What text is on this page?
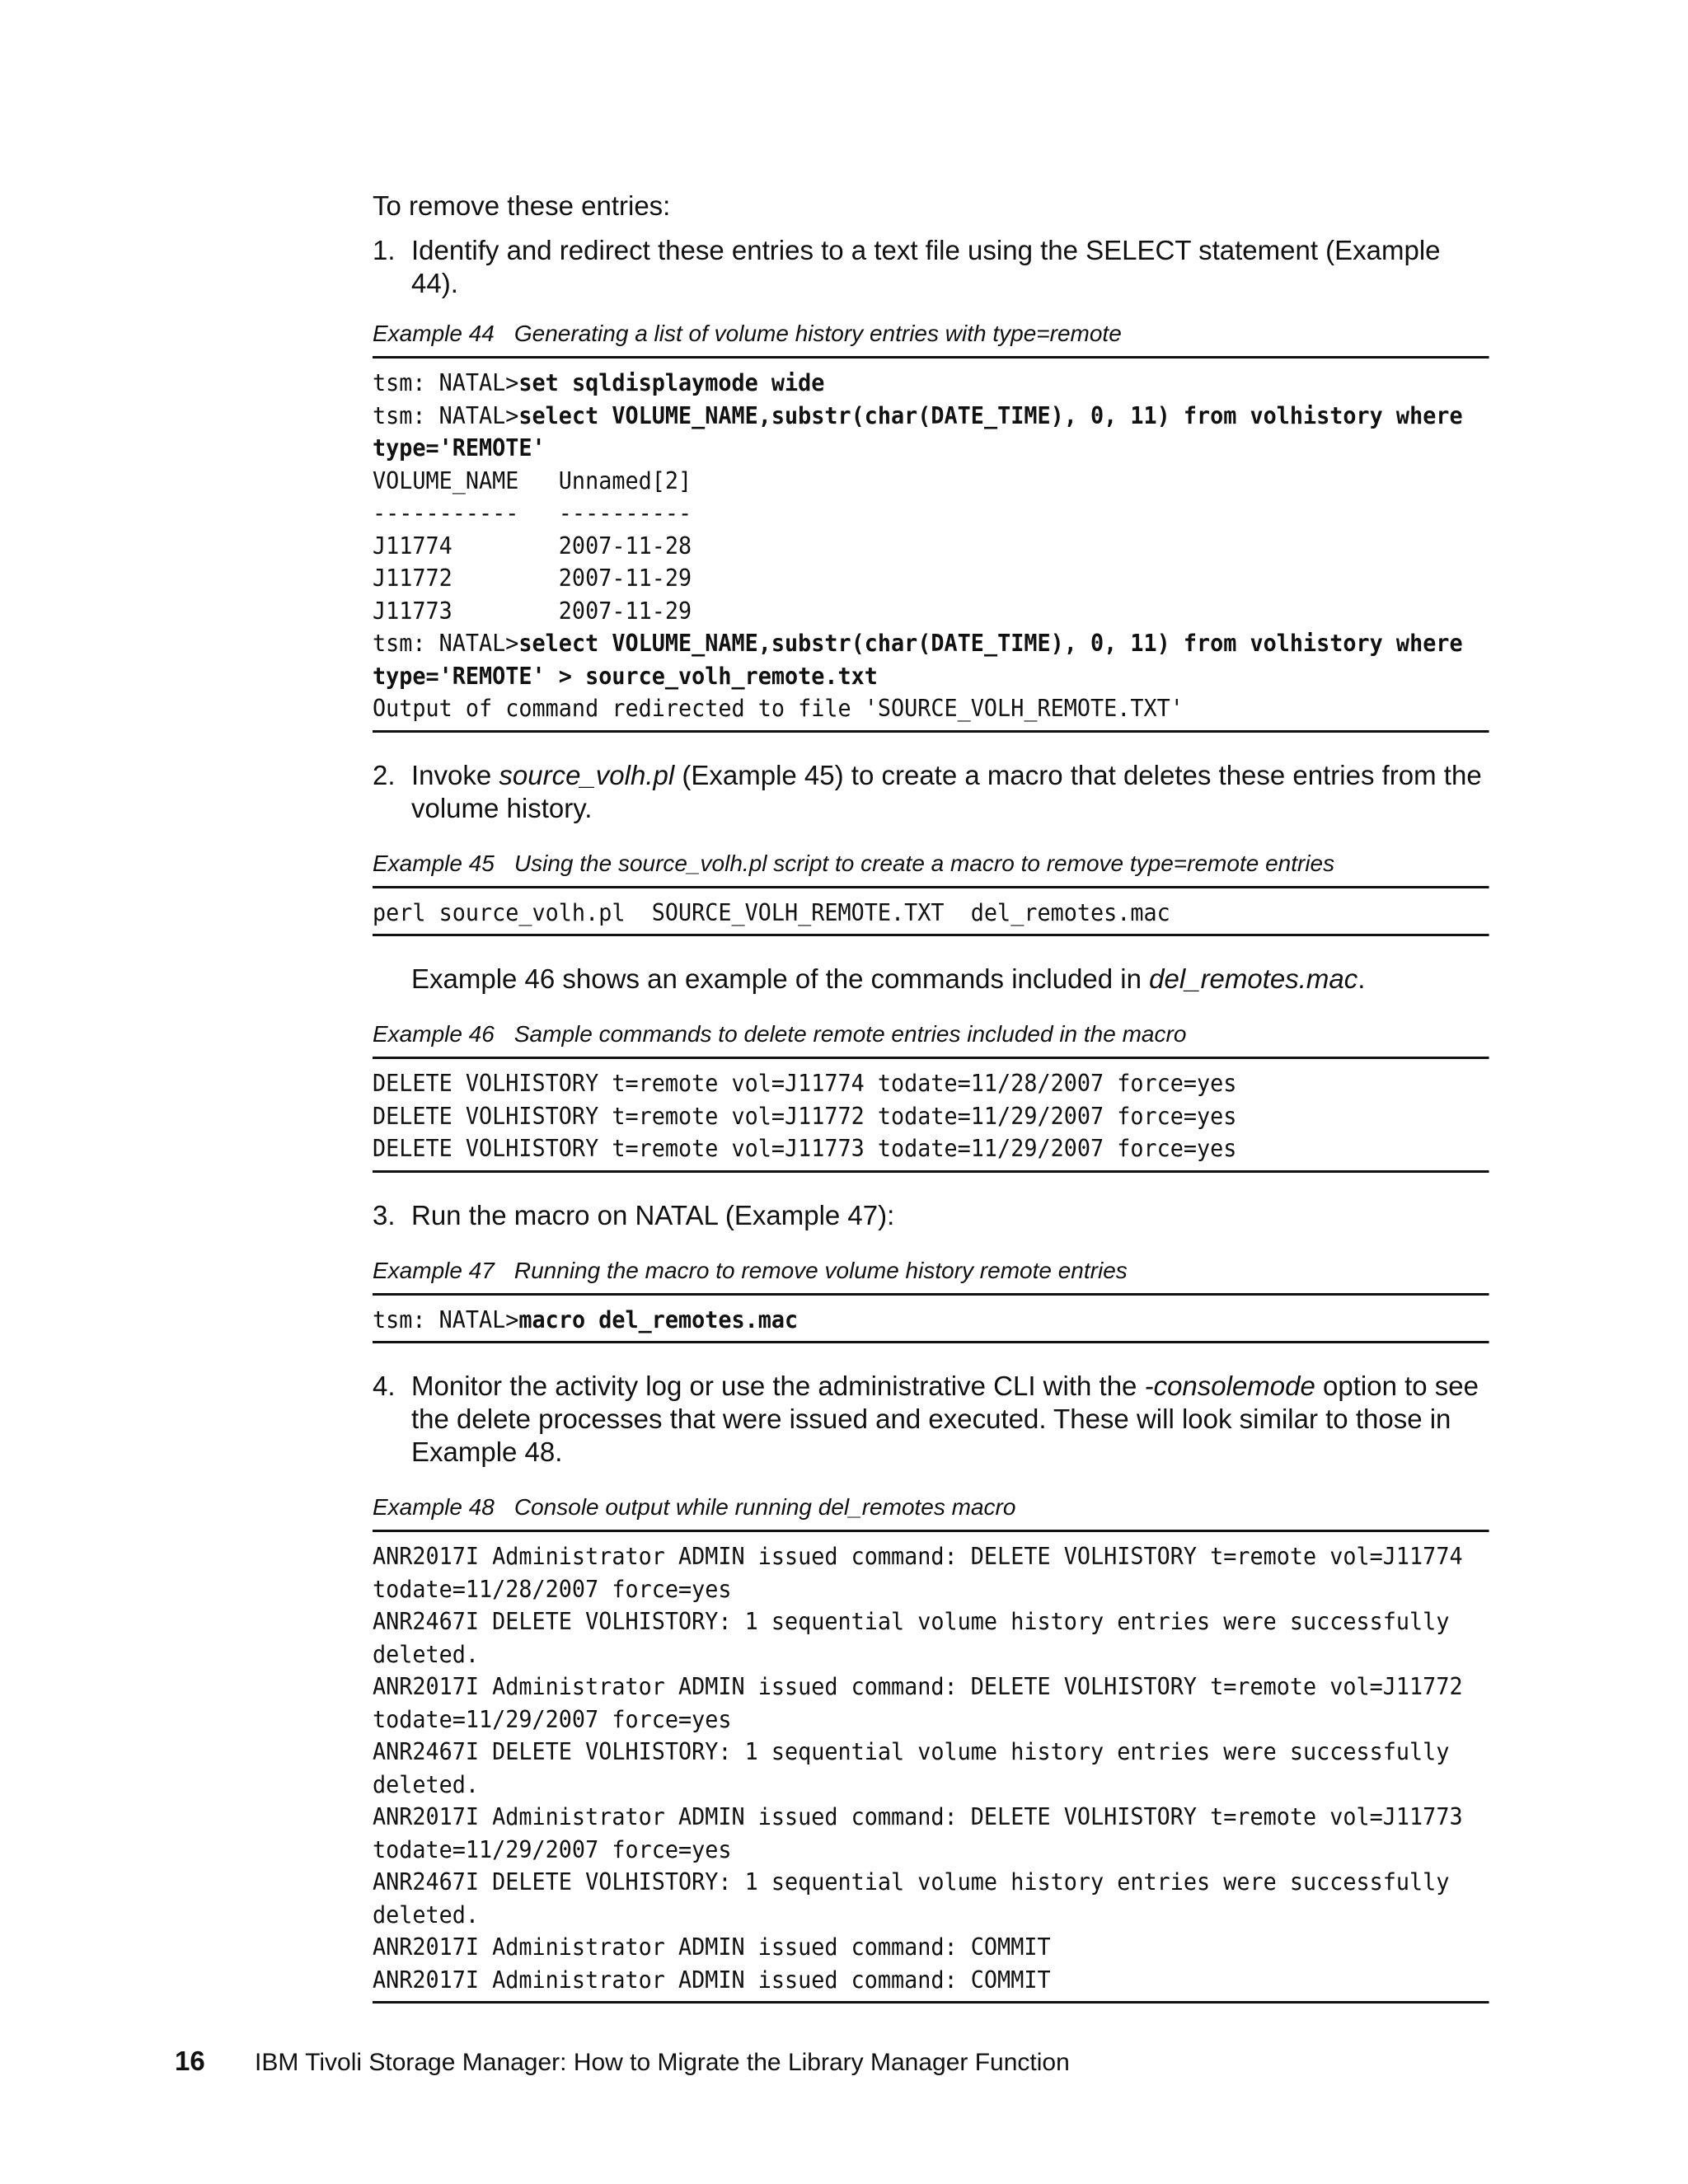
To remove these entries:

1. Identify and redirect these entries to a text file using the SELECT statement (Example 44).
Example 44 Generating a list of volume history entries with type=remote
tsm: NATAL>set sqldisplaymode wide
tsm: NATAL>select VOLUME_NAME,substr(char(DATE_TIME), 0, 11) from volhistory where
type='REMOTE'
VOLUME_NAME   Unnamed[2]
-----------   ----------
J11774        2007-11-28
J11772        2007-11-29
J11773        2007-11-29
tsm: NATAL>select VOLUME_NAME,substr(char(DATE_TIME), 0, 11) from volhistory where
type='REMOTE' > source_volh_remote.txt
Output of command redirected to file 'SOURCE_VOLH_REMOTE.TXT'
2. Invoke source_volh.pl (Example 45) to create a macro that deletes these entries from the volume history.
Example 45 Using the source_volh.pl script to create a macro to remove type=remote entries
perl source_volh.pl  SOURCE_VOLH_REMOTE.TXT  del_remotes.mac
Example 46 shows an example of the commands included in del_remotes.mac.
Example 46 Sample commands to delete remote entries included in the macro
DELETE VOLHISTORY t=remote vol=J11774 todate=11/28/2007 force=yes
DELETE VOLHISTORY t=remote vol=J11772 todate=11/29/2007 force=yes
DELETE VOLHISTORY t=remote vol=J11773 todate=11/29/2007 force=yes
3. Run the macro on NATAL (Example 47):
Example 47 Running the macro to remove volume history remote entries
tsm: NATAL>macro del_remotes.mac
4. Monitor the activity log or use the administrative CLI with the -consolemode option to see the delete processes that were issued and executed. These will look similar to those in Example 48.
Example 48 Console output while running del_remotes macro
ANR2017I Administrator ADMIN issued command: DELETE VOLHISTORY t=remote vol=J11774
todate=11/28/2007 force=yes
ANR2467I DELETE VOLHISTORY: 1 sequential volume history entries were successfully
deleted.
ANR2017I Administrator ADMIN issued command: DELETE VOLHISTORY t=remote vol=J11772
todate=11/29/2007 force=yes
ANR2467I DELETE VOLHISTORY: 1 sequential volume history entries were successfully
deleted.
ANR2017I Administrator ADMIN issued command: DELETE VOLHISTORY t=remote vol=J11773
todate=11/29/2007 force=yes
ANR2467I DELETE VOLHISTORY: 1 sequential volume history entries were successfully
deleted.
ANR2017I Administrator ADMIN issued command: COMMIT
ANR2017I Administrator ADMIN issued command: COMMIT
16	IBM Tivoli Storage Manager: How to Migrate the Library Manager Function
